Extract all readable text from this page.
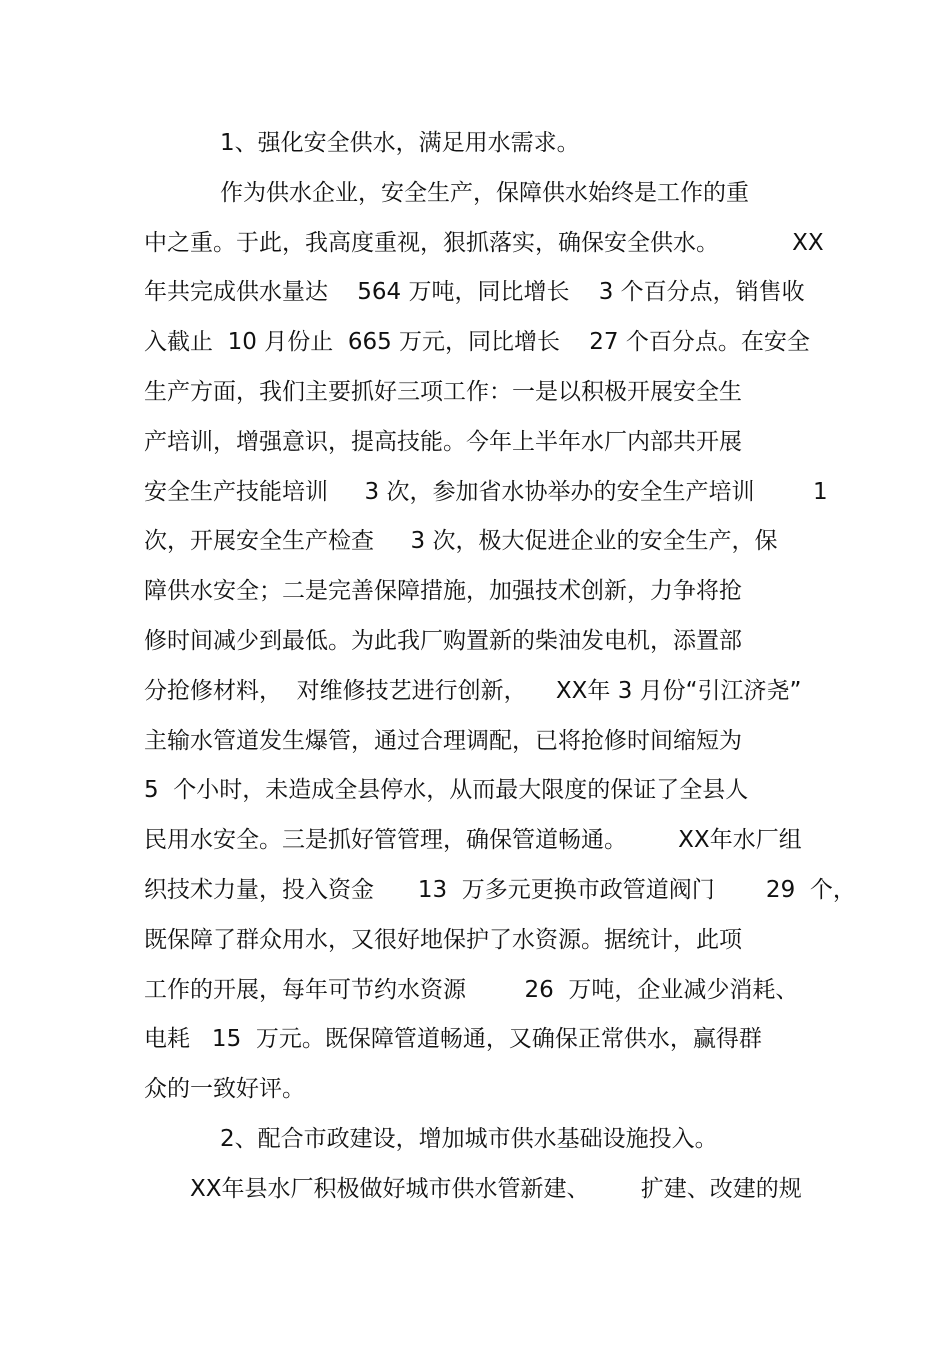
1、强化安全供水，满足用水需求。
作为供水企业，安全生产，保障供水始终是工作的重
中之重。于此，我高度重视，狠抓落实，确保安全供水。          XX
年共完成供水量达    564 万吨，同比增长    3 个百分点，销售收
入截止  10 月份止  665 万元，同比增长    27 个百分点。在安全
生产方面，我们主要抓好三项工作：一是以积极开展安全生
产培训，增强意识，提高技能。今年上半年水厂内部共开展
安全生产技能培训     3 次，参加省水协举办的安全生产培训        1
次，开展安全生产检查     3 次，极大促进企业的安全生产，保
障供水安全；二是完善保障措施，加强技术创新，力争将抢
修时间减少到最低。为此我厂购置新的柴油发电机，添置部
分抢修材料，  对维修技艺进行创新，    XX年 3 月份“引江济尧”
主输水管道发生爆管，通过合理调配，已将抢修时间缩短为
5  个小时，未造成全县停水，从而最大限度的保证了全县人
民用水安全。三是抓好管管理，确保管道畅通。       XX年水厂组
织技术力量，投入资金      13  万多元更换市政管道阀门       29  个，
既保障了群众用水，又很好地保护了水资源。据统计，此项
工作的开展，每年可节约水资源        26  万吨，企业减少消耗、
电耗   15  万元。既保障管道畅通，又确保正常供水，赢得群
众的一致好评。
2、配合市政建设，增加城市供水基础设施投入。
XX年县水厂积极做好城市供水管新建、       扩建、改建的规
